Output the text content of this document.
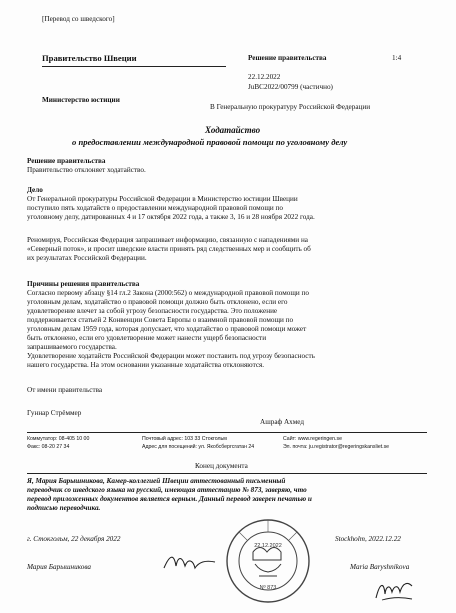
[Перевод со шведского]
Правительство Швеции	Решение правительства	1:4
22.12.2022
JuBC2022/00799 (частично)
Министерство юстиции
В Генеральную прокуратуру Российской Федерации
Ходатайство
о предоставлении международной правовой помощи по уголовному делу
Решение правительства
Правительство отклоняет ходатайство.
Дело
От Генеральной прокуратуры Российской Федерации в Министерство юстиции Швеции
поступило пять ходатайств о предоставлении международной правовой помощи по
уголовному делу, датированных 4 и 17 октября 2022 года, а также 3, 16 и 28 ноября 2022 года.
Реномируя, Российская Федерация запрашивает информацию, связанную с нападениями на
«Северный поток», и просит шведские власти принять ряд следственных мер и сообщить об
их результатах Российской Федерации.
Причины решения правительства
Согласно первому абзацу §14 гл.2 Закона (2000:562) о международной правовой помощи по
уголовным делам, ходатайство о правовой помощи должно быть отклонено, если его
удовлетворение влечет за собой угрозу безопасности государства. Это положение
поддерживается статьей 2 Конвенции Совета Европы о взаимной правовой помощи по
уголовным делам 1959 года, которая допускает, что ходатайство о правовой помощи может
быть отклонено, если его удовлетворение может нанести ущерб безопасности
запрашиваемого государства.
Удовлетворение ходатайств Российской Федерации может поставить под угрозу безопасность
нашего государства. На этом основании указанные ходатайства отклоняются.
От имени правительства
Гуннар Стрёммер
Ашраф Ахмед
Коммутатор: 08-405 10 00
Факс: 08-20 27 34
Почтовый адрес: 103 33 Стокгольм
Адрес для посещений: ул. Якобсбергсгатан 24
Сайт: www.regeringen.se
Эл. почта: ju.registrator@regeringskansliet.se
Конец документа
Я, Мария Барышникова, Камер-коллегией Швеции аттестованный письменный
переводчик со шведского языка на русский, имеющая аттестацию № 873, заверяю, что
перевод приложенных документов является верным. Данный перевод заверен печатью и
подписью переводчика.
г. Стокгольм, 22 декабря 2022	Stockholm, 2022.12.22
Мария Барышникова	Maria Baryshnikova
22.12.2022
Nº 873
